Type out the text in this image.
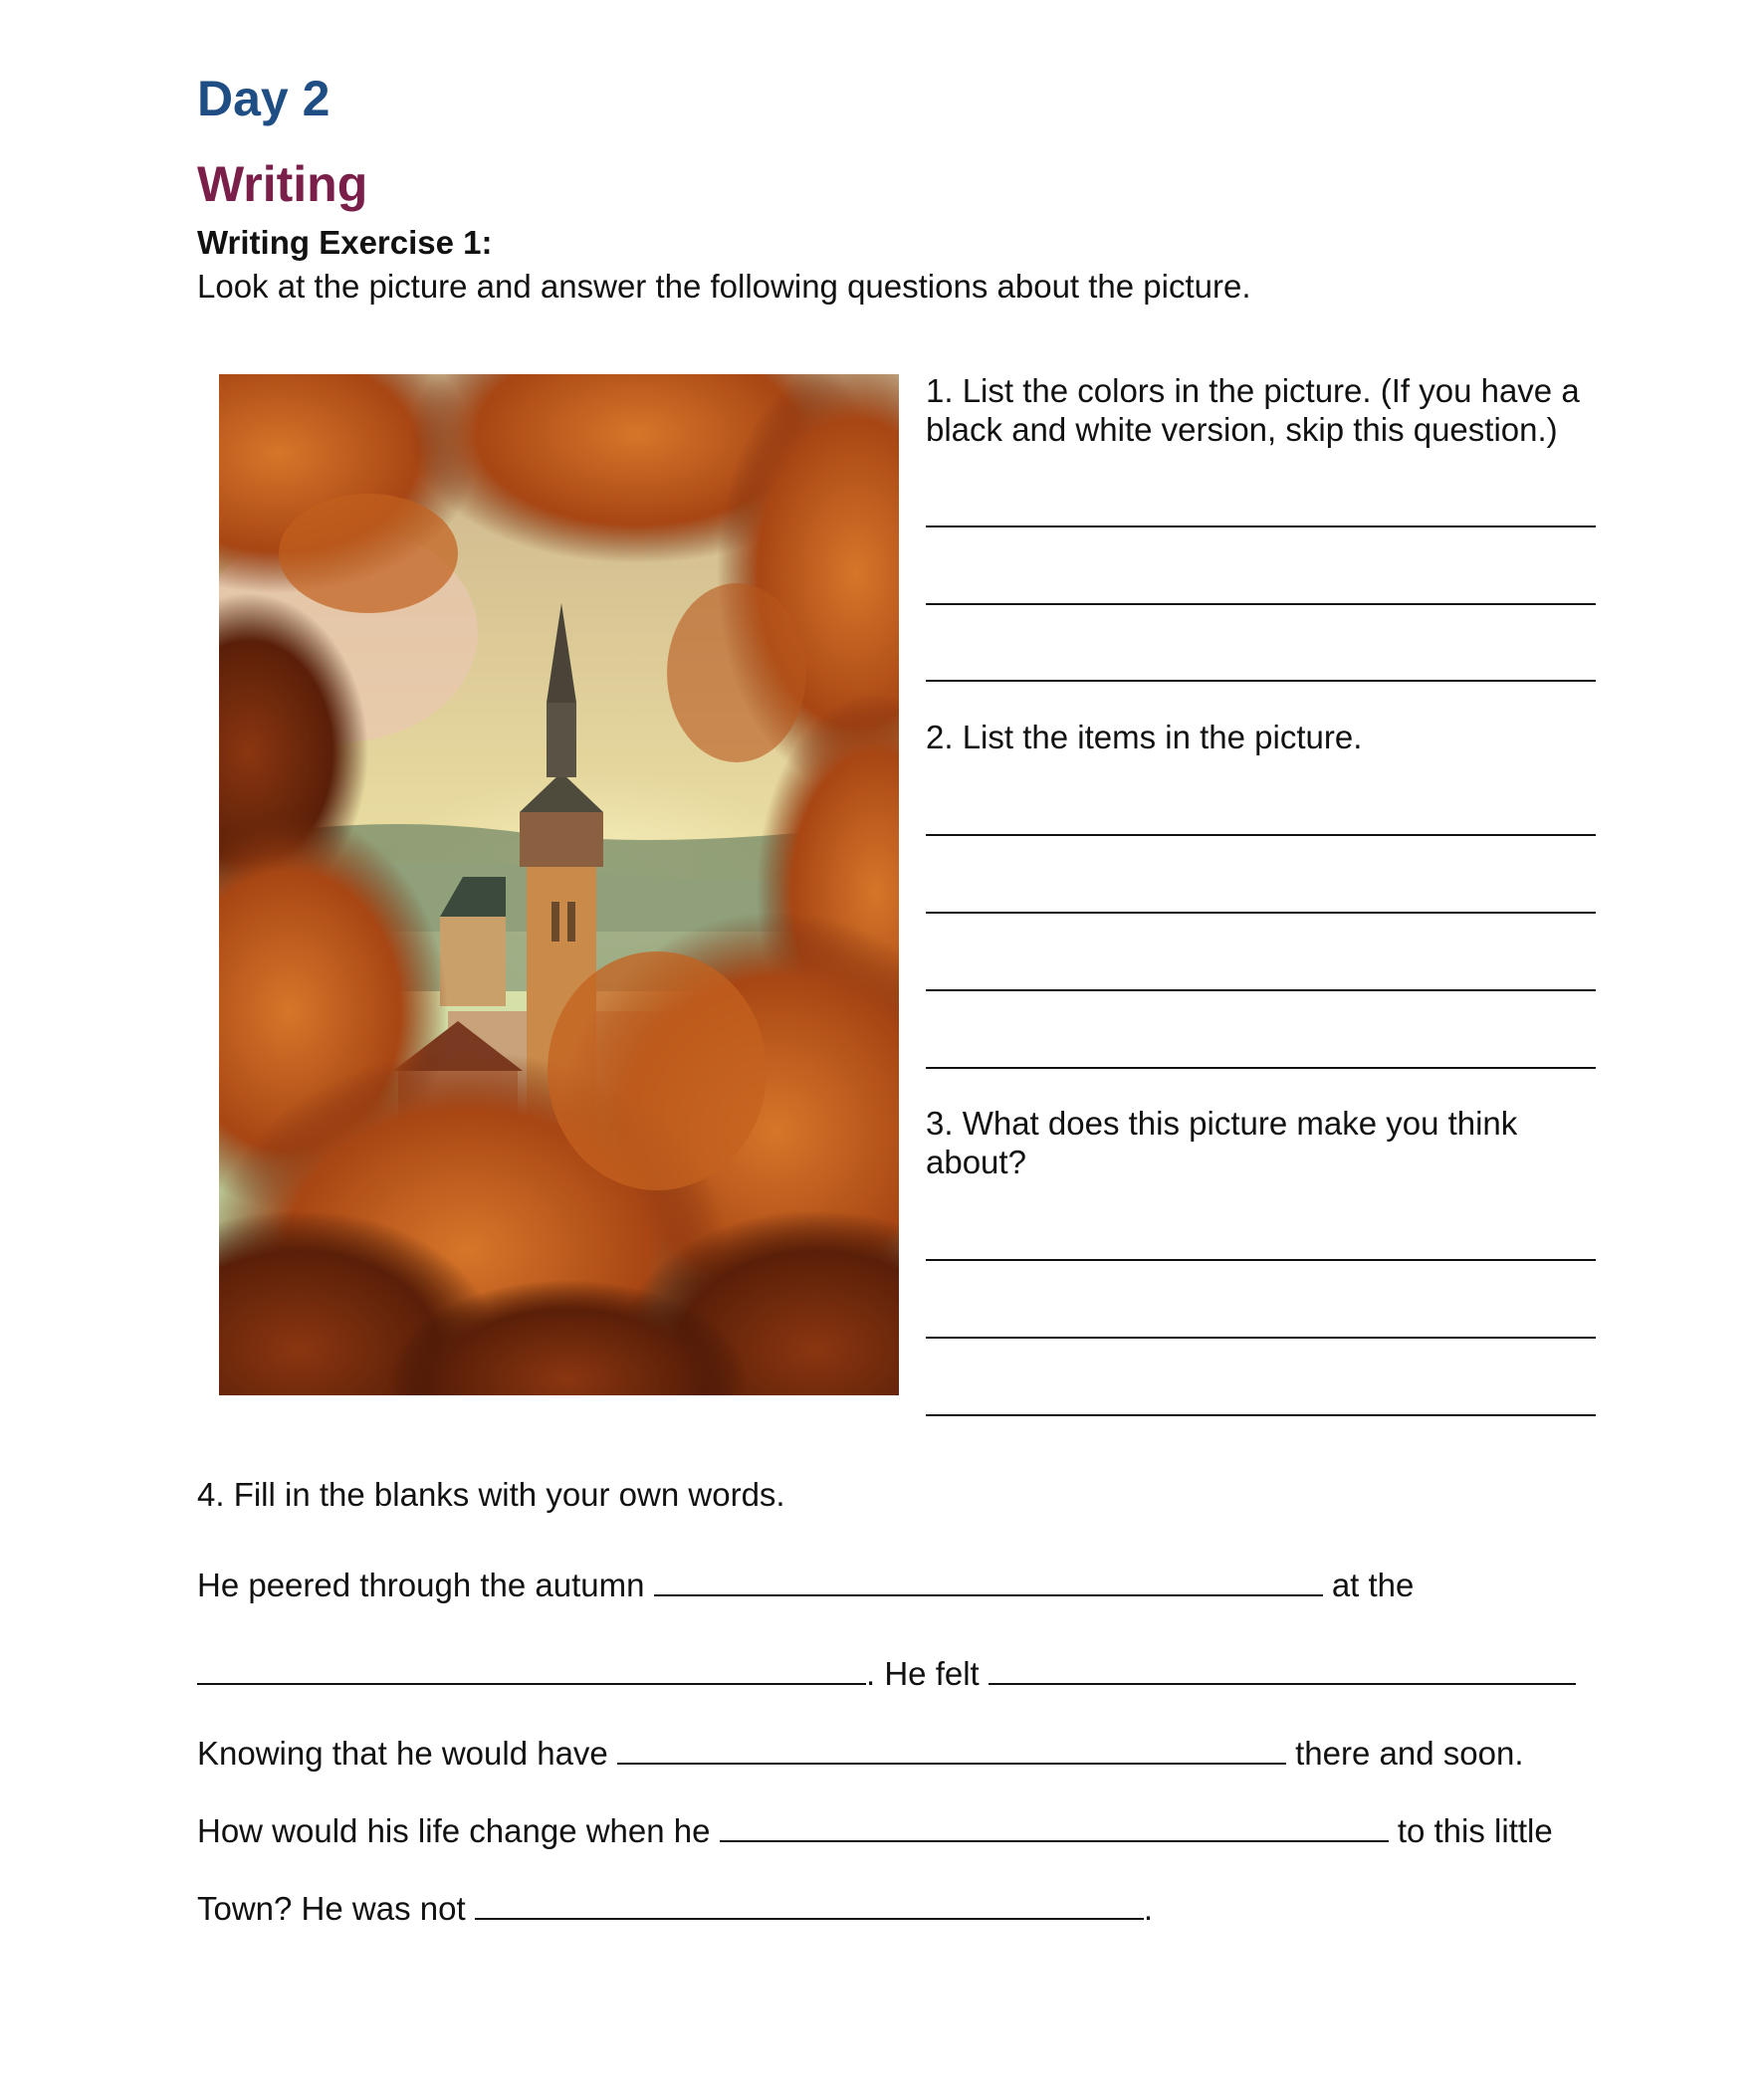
Day 2
Writing
Writing Exercise 1:
Look at the picture and answer the following questions about the picture.
1. List the colors in the picture. (If you have a black and white version, skip this question.)
2. List the items in the picture.
3. What does this picture make you think about?
4. Fill in the blanks with your own words.
He peered through the autumn	at the
. He felt
Knowing that he would have	there and soon.
How would his life change when he	to this little
Town? He was not	.
